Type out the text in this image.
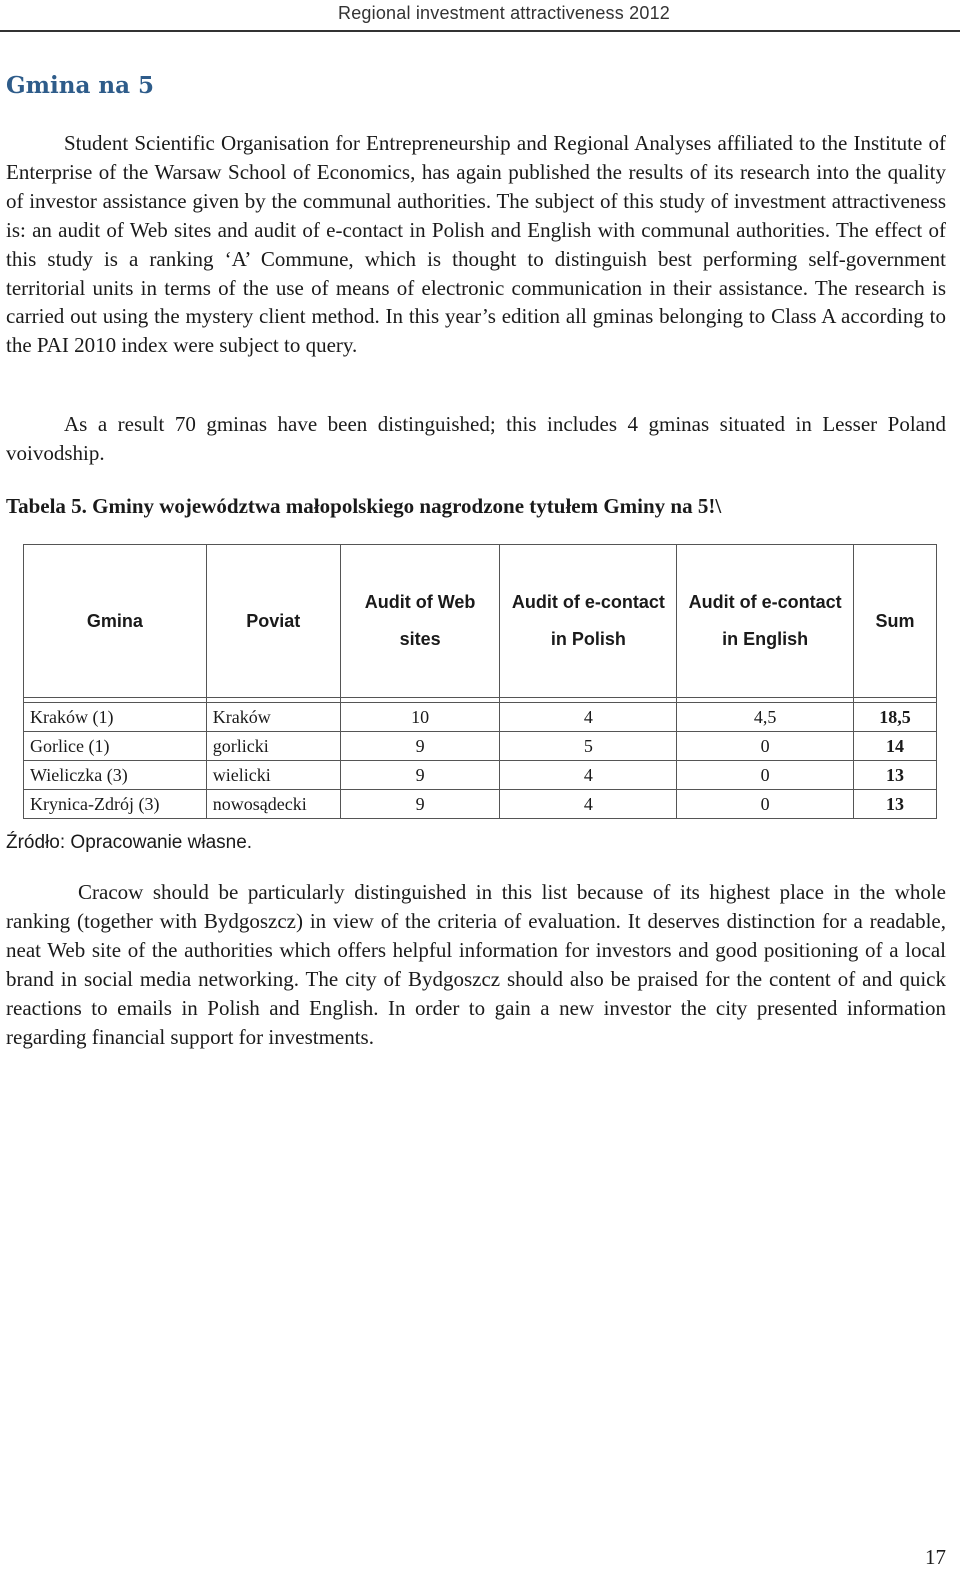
Regional investment attractiveness 2012
Gmina na 5

Student Scientific Organisation for Entrepreneurship and Regional Analyses affiliated to the Institute of Enterprise of the Warsaw School of Economics, has again published the results of its research into the quality of investor assistance given by the communal authorities. The subject of this study of investment attractiveness is: an audit of Web sites and audit of e-contact in Polish and English with communal authorities. The effect of this study is a ranking ‘A’ Commune, which is thought to distinguish best performing self-government territorial units in terms of the use of means of electronic communication in their assistance. The research is carried out using the mystery client method. In this year’s edition all gminas belonging to Class A according to the PAI 2010 index were subject to query.

As a result 70 gminas have been distinguished; this includes 4 gminas situated in Lesser Poland voivodship.

Tabela 5. Gminy województwa małopolskiego nagrodzone tytułem Gminy na 5!\

Gmina	Poviat	Audit of Web sites	Audit of e-contact in Polish	Audit of e-contact in English	Sum

Kraków (1)	Kraków	10	4	4,5	18,5
Gorlice (1)	gorlicki	9	5	0	14
Wieliczka (3)	wielicki	9	4	0	13
Krynica-Zdrój (3)	nowosądecki	9	4	0	13

Źródło: Opracowanie własne.

Cracow should be particularly distinguished in this list because of its highest place in the whole ranking (together with Bydgoszcz) in view of the criteria of evaluation. It deserves distinction for a readable, neat Web site of the authorities which offers helpful information for investors and good positioning of a local brand in social media networking. The city of Bydgoszcz should also be praised for the content of and quick reactions to emails in Polish and English. In order to gain a new investor the city presented information regarding financial support for investments.

17
